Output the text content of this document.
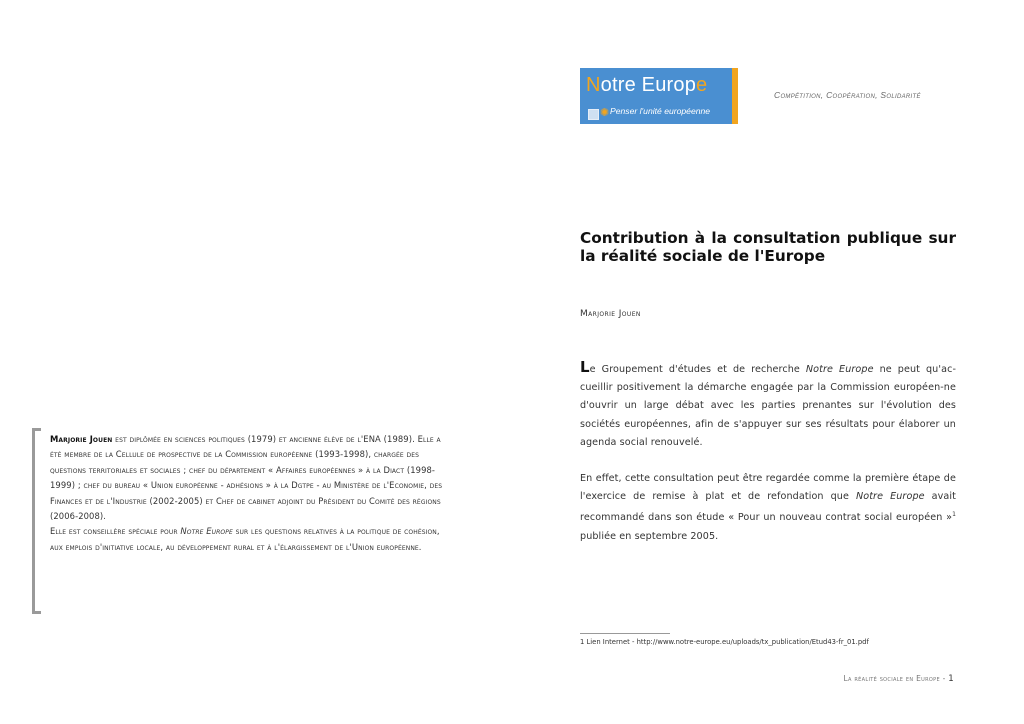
Marjorie Jouen est diplômée en sciences politiques (1979) et ancienne élève de l'ENA (1989). Elle a été membre de la Cellule de prospective de la Commission européenne (1993-1998), chargée des questions territoriales et sociales ; chef du département « Affaires européennes » à la Diact (1998-1999) ; chef du bureau « Union européenne - adhésions » à la Dgtpe - au Ministère de l'Economie, des Finances et de l'Industrie (2002-2005) et Chef de cabinet adjoint du Président du Comité des régions (2006-2008).

Elle est conseillère spéciale pour Notre Europe sur les questions relatives à la politique de cohésion, aux emplois d'initiative locale, au développement rural et à l'élargissement de l'Union européenne.

Notre Europe
✺ Penser l'unité européenne
Compétition, Coopération, Solidarité
Contribution à la consultation publique sur la réalité sociale de l'Europe
Marjorie Jouen

Le Groupement d'études et de recherche Notre Europe ne peut qu'ac-cueillir positivement la démarche engagée par la Commission européen-ne d'ouvrir un large débat avec les parties prenantes sur l'évolution des sociétés européennes, afin de s'appuyer sur ses résultats pour élaborer un agenda social renouvelé.

En effet, cette consultation peut être regardée comme la première étape de l'exercice de remise à plat et de refondation que Notre Europe avait recommandé dans son étude « Pour un nouveau contrat social européen »$^1$ publiée en septembre 2005.

1 Lien Internet - http://www.notre-europe.eu/uploads/tx_publication/Etud43-fr_01.pdf
La réalité sociale en Europe - 1
